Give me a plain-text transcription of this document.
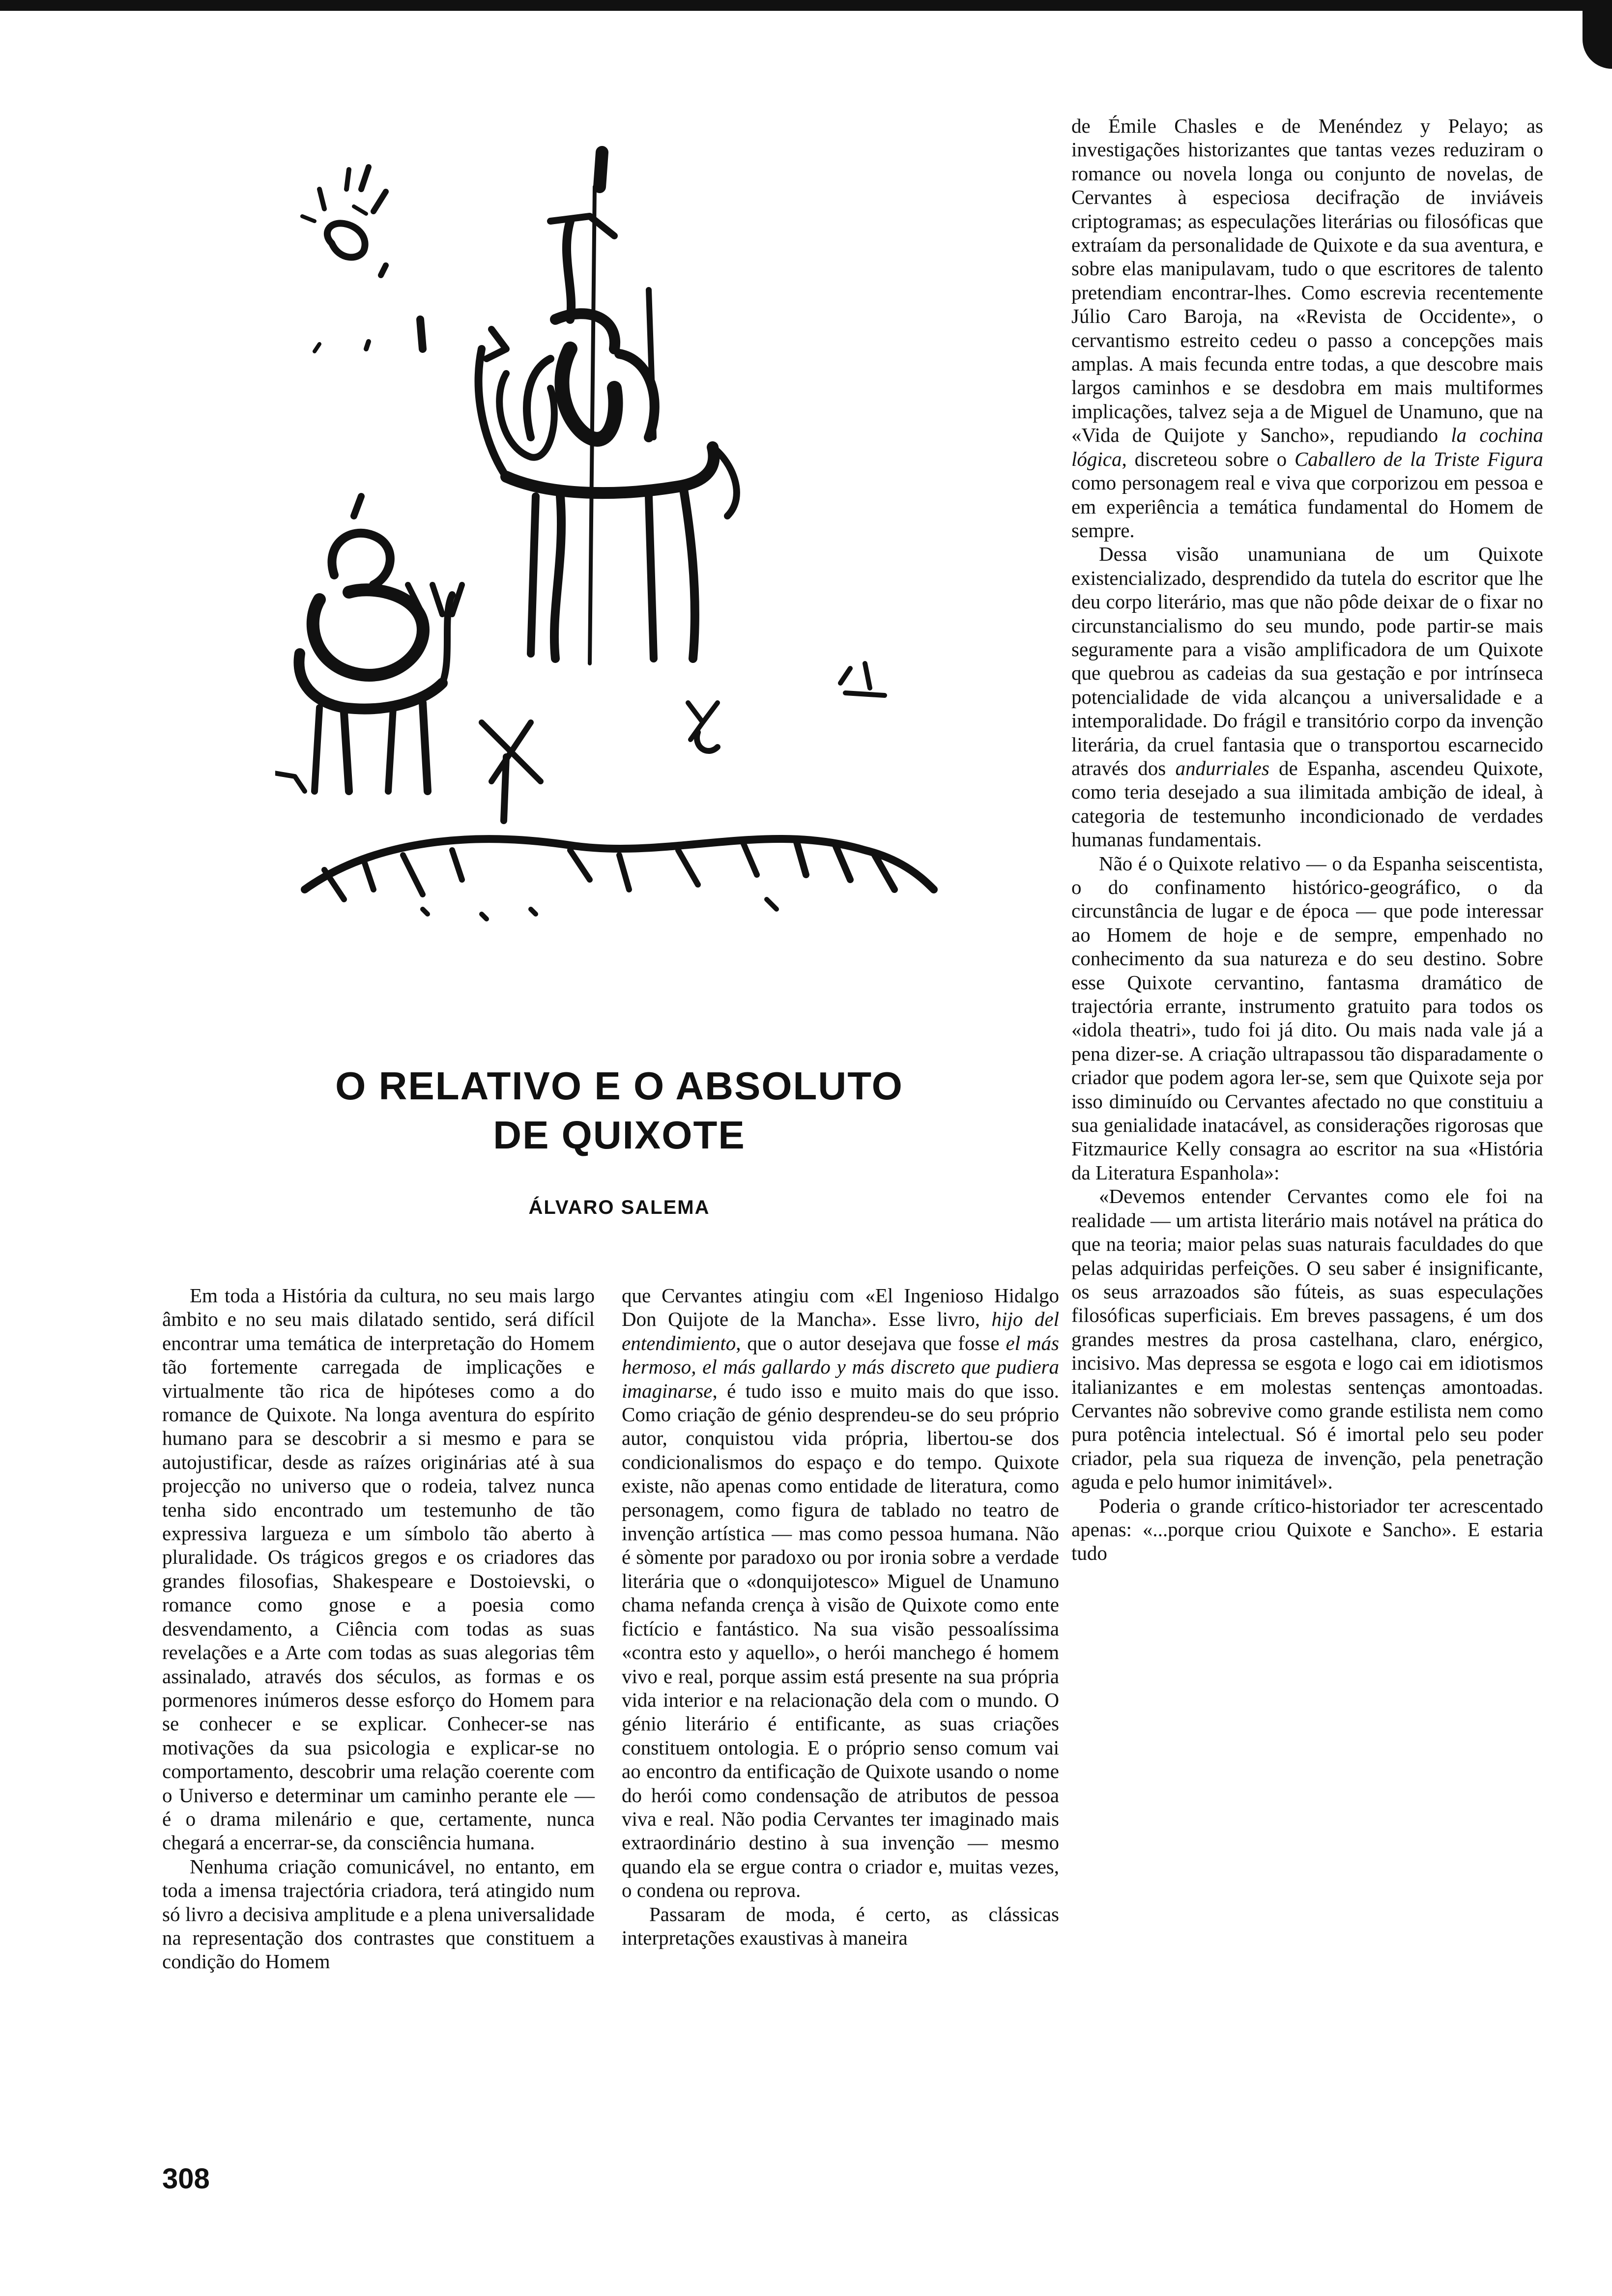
O RELATIVO E O ABSOLUTO
DE QUIXOTE
ÁLVARO SALEMA

Em toda a História da cultura, no seu mais largo âmbito e no seu mais dilatado sentido, será difícil encontrar uma temática de interpretação do Homem tão fortemente carregada de implicações e virtualmente tão rica de hipóteses como a do romance de Quixote. Na longa aventura do espírito humano para se descobrir a si mesmo e para se autojustificar, desde as raízes originárias até à sua projecção no universo que o rodeia, talvez nunca tenha sido encontrado um testemunho de tão expressiva largueza e um símbolo tão aberto à pluralidade. Os trágicos gregos e os criadores das grandes filosofias, Shakespeare e Dostoievski, o romance como gnose e a poesia como desvendamento, a Ciência com todas as suas revelações e a Arte com todas as suas alegorias têm assinalado, através dos séculos, as formas e os pormenores inúmeros desse esforço do Homem para se conhecer e se explicar. Conhecer-se nas motivações da sua psicologia e explicar-se no comportamento, descobrir uma relação coerente com o Universo e determinar um caminho perante ele — é o drama milenário e que, certamente, nunca chegará a encerrar-se, da consciência humana.

Nenhuma criação comunicável, no entanto, em toda a imensa trajectória criadora, terá atingido num só livro a decisiva amplitude e a plena universalidade na representação dos contrastes que constituem a condição do Homem

que Cervantes atingiu com «El Ingenioso Hidalgo Don Quijote de la Mancha». Esse livro, hijo del entendimiento, que o autor desejava que fosse el más hermoso, el más gallardo y más discreto que pudiera imaginarse, é tudo isso e muito mais do que isso. Como criação de génio desprendeu-se do seu próprio autor, conquistou vida própria, libertou-se dos condicionalismos do espaço e do tempo. Quixote existe, não apenas como entidade de literatura, como personagem, como figura de tablado no teatro de invenção artística — mas como pessoa humana. Não é sòmente por paradoxo ou por ironia sobre a verdade literária que o «donquijotesco» Miguel de Unamuno chama nefanda crença à visão de Quixote como ente fictício e fantástico. Na sua visão pessoalíssima «contra esto y aquello», o herói manchego é homem vivo e real, porque assim está presente na sua própria vida interior e na relacionação dela com o mundo. O génio literário é entificante, as suas criações constituem ontologia. E o próprio senso comum vai ao encontro da entificação de Quixote usando o nome do herói como condensação de atributos de pessoa viva e real. Não podia Cervantes ter imaginado mais extraordinário destino à sua invenção — mesmo quando ela se ergue contra o criador e, muitas vezes, o condena ou reprova.

Passaram de moda, é certo, as clássicas interpretações exaustivas à maneira

de Émile Chasles e de Menéndez y Pelayo; as investigações historizantes que tantas vezes reduziram o romance ou novela longa ou conjunto de novelas, de Cervantes à especiosa decifração de inviáveis criptogramas; as especulações literárias ou filosóficas que extraíam da personalidade de Quixote e da sua aventura, e sobre elas manipulavam, tudo o que escritores de talento pretendiam encontrar-lhes. Como escrevia recentemente Júlio Caro Baroja, na «Revista de Occidente», o cervantismo estreito cedeu o passo a concepções mais amplas. A mais fecunda entre todas, a que descobre mais largos caminhos e se desdobra em mais multiformes implicações, talvez seja a de Miguel de Unamuno, que na «Vida de Quijote y Sancho», repudiando la cochina lógica, discreteou sobre o Caballero de la Triste Figura como personagem real e viva que corporizou em pessoa e em experiência a temática fundamental do Homem de sempre.

Dessa visão unamuniana de um Quixote existencializado, desprendido da tutela do escritor que lhe deu corpo literário, mas que não pôde deixar de o fixar no circunstancialismo do seu mundo, pode partir-se mais seguramente para a visão amplificadora de um Quixote que quebrou as cadeias da sua gestação e por intrínseca potencialidade de vida alcançou a universalidade e a intemporalidade. Do frágil e transitório corpo da invenção literária, da cruel fantasia que o transportou escarnecido através dos andurriales de Espanha, ascendeu Quixote, como teria desejado a sua ilimitada ambição de ideal, à categoria de testemunho incondicionado de verdades humanas fundamentais.

Não é o Quixote relativo — o da Espanha seiscentista, o do confinamento histórico-geográfico, o da circunstância de lugar e de época — que pode interessar ao Homem de hoje e de sempre, empenhado no conhecimento da sua natureza e do seu destino. Sobre esse Quixote cervantino, fantasma dramático de trajectória errante, instrumento gratuito para todos os «idola theatri», tudo foi já dito. Ou mais nada vale já a pena dizer-se. A criação ultrapassou tão disparadamente o criador que podem agora ler-se, sem que Quixote seja por isso diminuído ou Cervantes afectado no que constituiu a sua genialidade inatacável, as considerações rigorosas que Fitzmaurice Kelly consagra ao escritor na sua «História da Literatura Espanhola»:

«Devemos entender Cervantes como ele foi na realidade — um artista literário mais notável na prática do que na teoria; maior pelas suas naturais faculdades do que pelas adquiridas perfeições. O seu saber é insignificante, os seus arrazoados são fúteis, as suas especulações filosóficas superficiais. Em breves passagens, é um dos grandes mestres da prosa castelhana, claro, enérgico, incisivo. Mas depressa se esgota e logo cai em idiotismos italianizantes e em molestas sentenças amontoadas. Cervantes não sobrevive como grande estilista nem como pura potência intelectual. Só é imortal pelo seu poder criador, pela sua riqueza de invenção, pela penetração aguda e pelo humor inimitável».

Poderia o grande crítico-historiador ter acrescentado apenas: «...porque criou Quixote e Sancho». E estaria tudo

308
